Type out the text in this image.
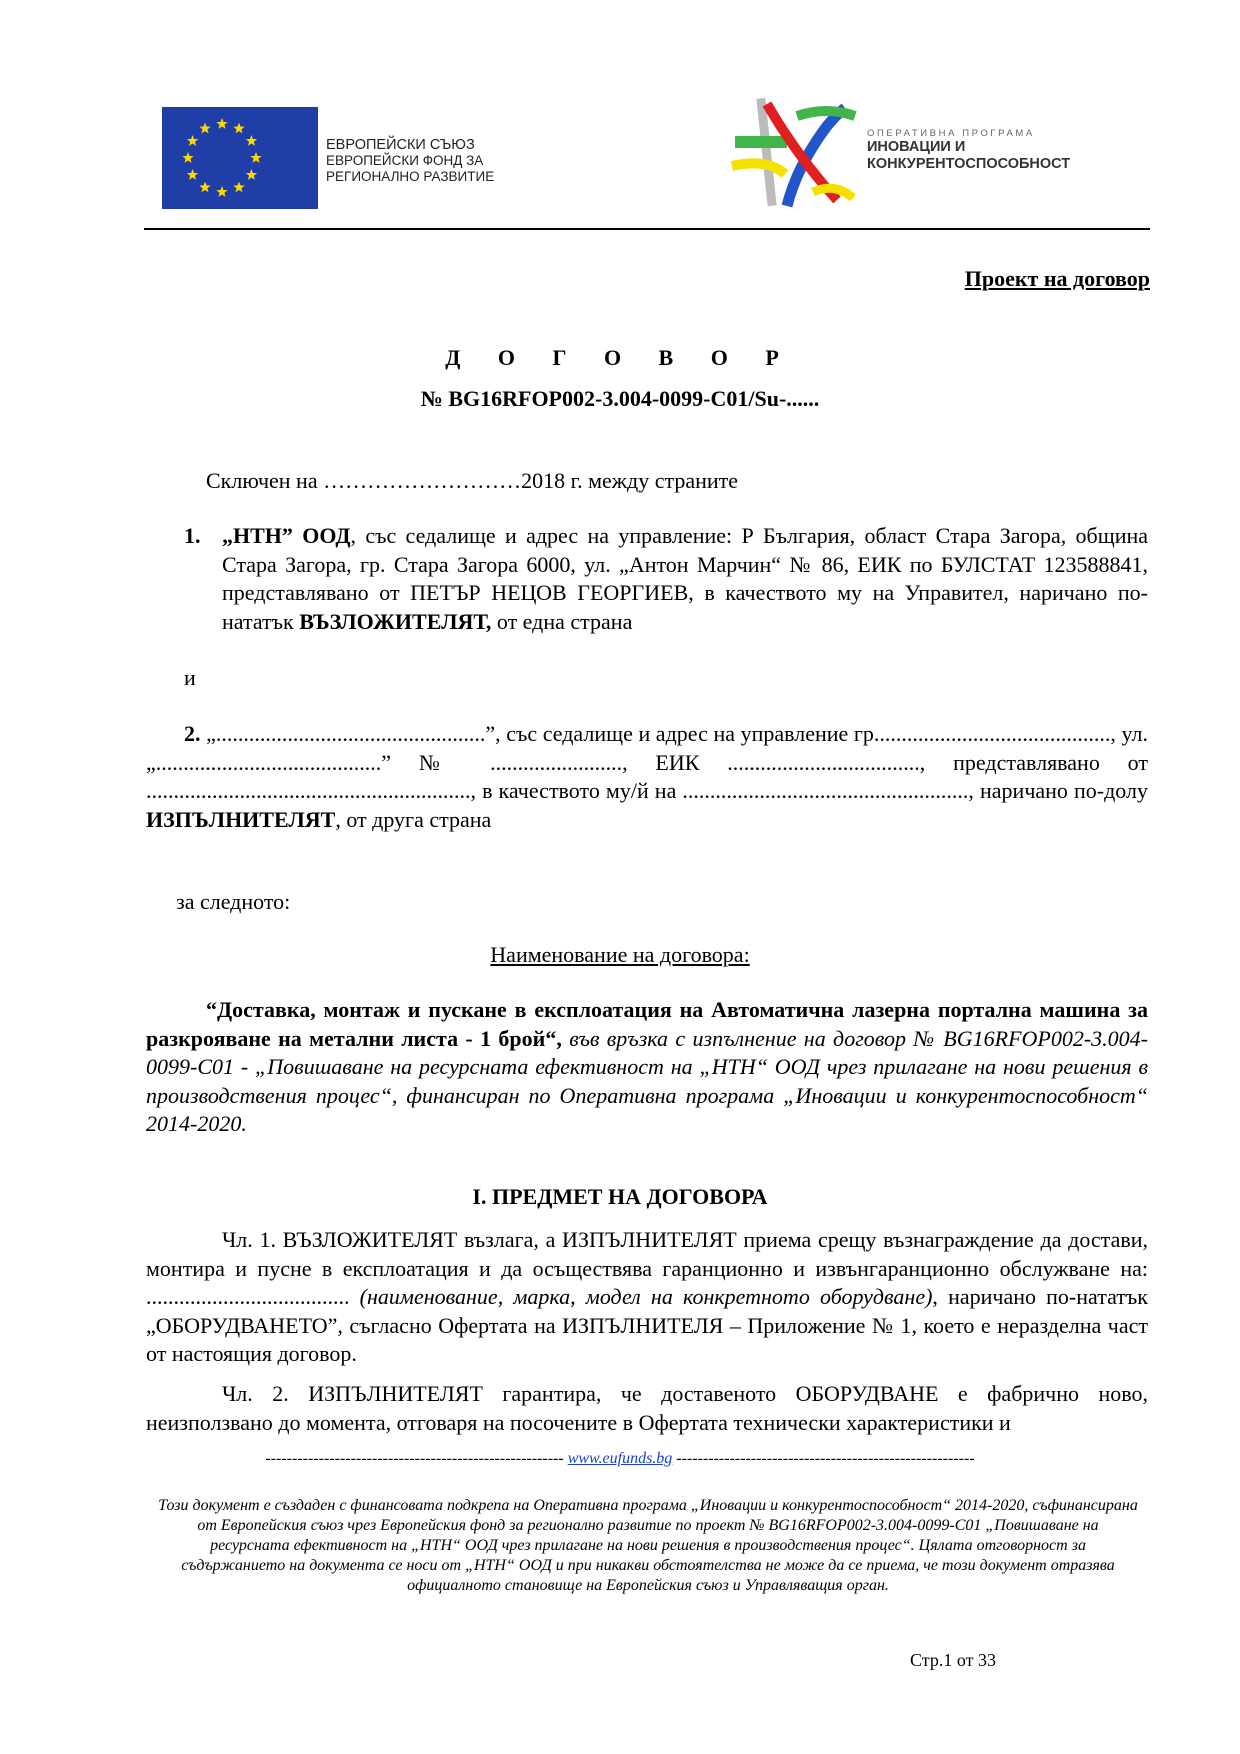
ЕВРОПЕЙСКИ СЪЮЗ
ЕВРОПЕЙСКИ ФОНД ЗА
РЕГИОНАЛНО РАЗВИТИЕ
ОПЕРАТИВНА ПРОГРАМА
ИНОВАЦИИ И
КОНКУРЕНТОСПОСОБНОСТ
Проект на договор
Д О Г О В О Р
№ BG16RFOP002-3.004-0099-C01/Su-......
Сключен на ………………………2018 г. между страните
1. „НТН” ООД, със седалище и адрес на управление: Р България, област Стара Загора, община Стара Загора, гр. Стара Загора 6000, ул. „Антон Марчин“ № 86, ЕИК по БУЛСТАТ 123588841, представлявано от ПЕТЪР НЕЦОВ ГЕОРГИЕВ, в качеството му на Управител, наричано по-нататък ВЪЗЛОЖИТЕЛЯТ, от една страна
и
2. „.................................................”, със седалище и адрес на управление гр..........................................., ул. „.........................................” № ........................, ЕИК ..................................., представлявано от ..........................................................., в качеството му/й на ...................................................., наричано по-долу ИЗПЪЛНИТЕЛЯТ, от друга страна
за следното:
Наименование на договора:
“Доставка, монтаж и пускане в експлоатация на Автоматична лазерна портална машина за разкрояване на метални листа - 1 брой“, във връзка с изпълнение на договор № BG16RFOP002-3.004-0099-C01 - „Повишаване на ресурсната ефективност на „НТН“ ООД чрез прилагане на нови решения в производствения процес“, финансиран по Оперативна програма „Иновации и конкурентоспособност“ 2014-2020.
I. ПРЕДМЕТ НА ДОГОВОРА
Чл. 1. ВЪЗЛОЖИТЕЛЯТ възлага, а ИЗПЪЛНИТЕЛЯТ приема срещу възнаграждение да достави, монтира и пусне в експлоатация и да осъществява гаранционно и извънгаранционно обслужване на: ..................................... (наименование, марка, модел на конкретното оборудване), наричано по-нататък „ОБОРУДВАНЕТО”, съгласно Офертата на ИЗПЪЛНИТЕЛЯ – Приложение № 1, което е неразделна част от настоящия договор.
Чл. 2. ИЗПЪЛНИТЕЛЯТ гарантира, че доставеното ОБОРУДВАНЕ е фабрично ново, неизползвано до момента, отговаря на посочените в Офертата технически характеристики и
-------------------------------------------------------- www.eufunds.bg --------------------------------------------------------
Този документ е създаден с финансовата подкрепа на Оперативна програма „Иновации и конкурентоспособност“ 2014-2020, съфинансирана от Европейския съюз чрез Европейския фонд за регионално развитие по проект № BG16RFOP002-3.004-0099-C01 „Повишаване на ресурсната ефективност на „НТН“ ООД чрез прилагане на нови решения в производствения процес“. Цялата отговорност за съдържанието на документа се носи от „НТН“ ООД и при никакви обстоятелства не може да се приема, че този документ отразява официалното становище на Европейския съюз и Управляващия орган.
Стр.1 от 33
